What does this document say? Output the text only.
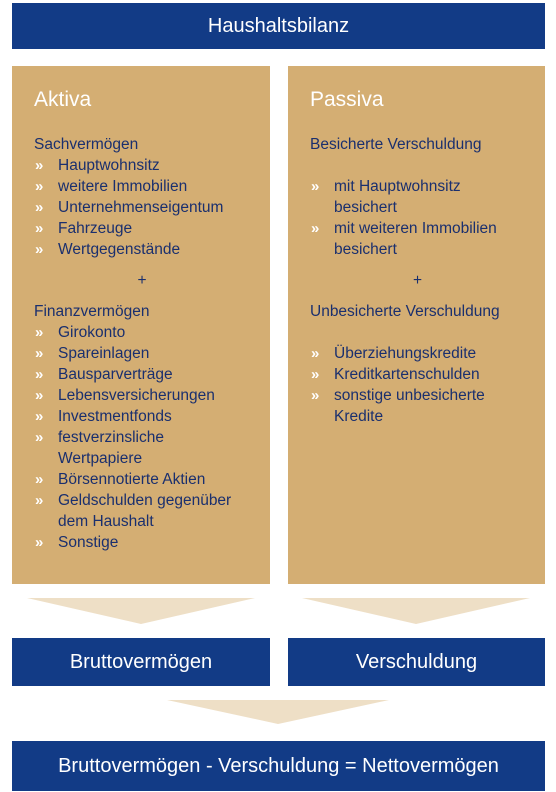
Haushaltsbilanz
Aktiva
Sachvermögen
» Hauptwohnsitz
» weitere Immobilien
» Unternehmenseigentum
» Fahrzeuge
» Wertgegenstände
+
Finanzvermögen
» Girokonto
» Spareinlagen
» Bausparverträge
» Lebensversicherungen
» Investmentfonds
» festverzinsliche Wertpapiere
» Börsennotierte Aktien
» Geldschulden gegenüber dem Haushalt
» Sonstige
Passiva
Besicherte Verschuldung
» mit Hauptwohnsitz besichert
» mit weiteren Immobilien besichert
+
Unbesicherte Verschuldung
» Überziehungskredite
» Kreditkartenschulden
» sonstige unbesicherte Kredite
Bruttovermögen	Verschuldung
Bruttovermögen - Verschuldung = Nettovermögen
